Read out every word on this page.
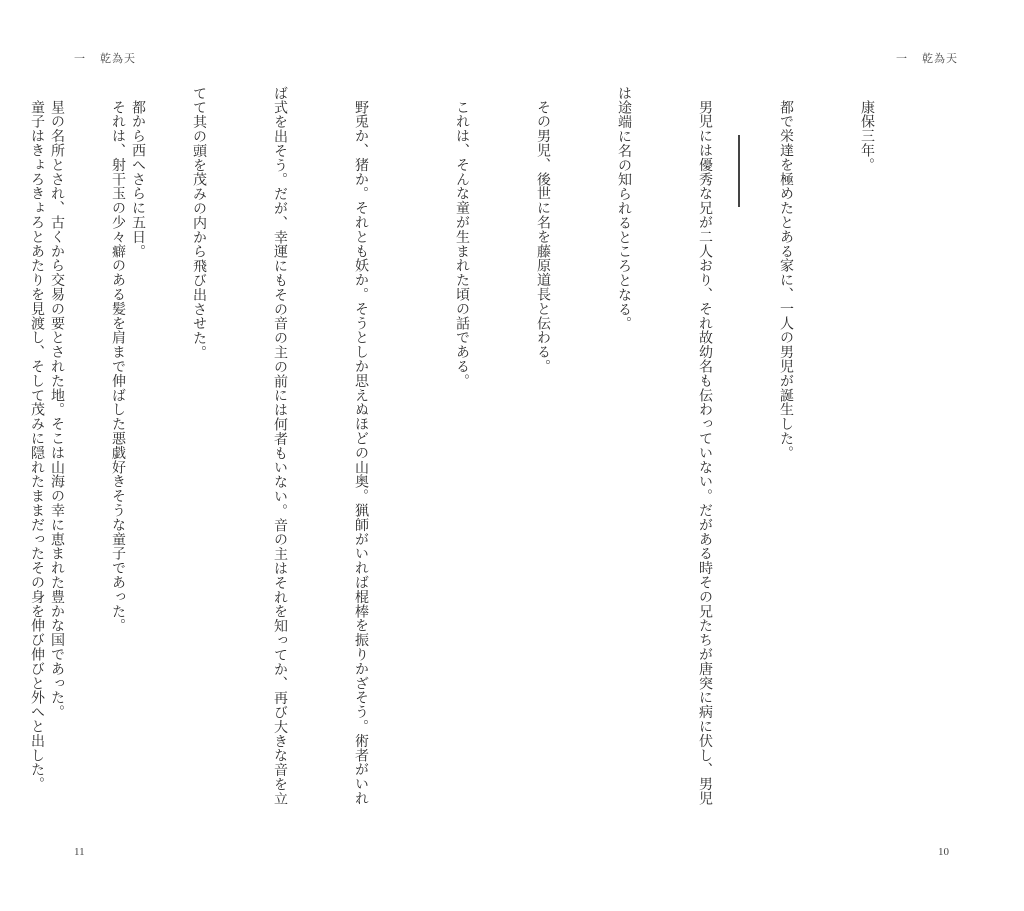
一 乾為天

康保三年。

都で栄達を極めたとある家に、一人の男児が誕生した。

男児には優秀な兄が二人おり、それ故幼名も伝わっていない。だがある時その兄たちが唐突に病に伏し、男児

は途端に名の知られるところとなる。

その男児、後世に名を藤原道長と伝わる。

これは、そんな童が生まれた頃の話である。

都から西へさらに五日。

星の名所とされ、古くから交易の要とされた地。そこは山海の幸に恵まれた豊かな国であった。

10
一 乾為天

野兎か、猪か。それとも妖か。そうとしか思えぬほどの山奥。猟師がいれば棍棒を振りかざそう。術者がいれ

ば式を出そう。だが、幸運にもその音の主の前には何者もいない。音の主はそれを知ってか、再び大きな音を立

てて其の頭を茂みの内から飛び出させた。

それは、射干玉の少々癖のある髪を肩まで伸ばした悪戯好きそうな童子であった。

童子はきょろきょろとあたりを見渡し、そして茂みに隠れたままだったその身を伸び伸びと外へと出した。

11
